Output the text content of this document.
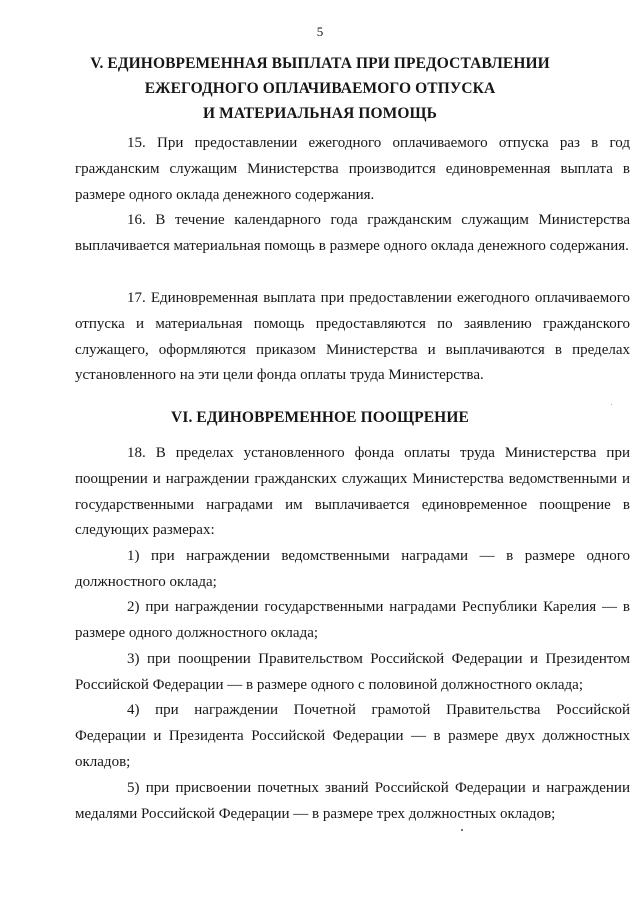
5
V. ЕДИНОВРЕМЕННАЯ ВЫПЛАТА ПРИ ПРЕДОСТАВЛЕНИИ
ЕЖЕГОДНОГО ОПЛАЧИВАЕМОГО ОТПУСКА
И МАТЕРИАЛЬНАЯ ПОМОЩЬ

15. При предоставлении ежегодного оплачиваемого отпуска раз в год гражданским служащим Министерства производится единовременная выплата в размере одного оклада денежного содержания.

16. В течение календарного года гражданским служащим Министерства выплачивается материальная помощь в размере одного оклада денежного содержания.

17. Единовременная выплата при предоставлении ежегодного оплачиваемого отпуска и материальная помощь предоставляются по заявлению гражданского служащего, оформляются приказом Министерства и выплачиваются в пределах установленного на эти цели фонда оплаты труда Министерства.

VI. ЕДИНОВРЕМЕННОЕ ПООЩРЕНИЕ

18. В пределах установленного фонда оплаты труда Министерства при поощрении и награждении гражданских служащих Министерства ведомственными и государственными наградами им выплачивается единовременное поощрение в следующих размерах:

1) при награждении ведомственными наградами — в размере одного должностного оклада;

2) при награждении государственными наградами Республики Карелия — в размере одного должностного оклада;

3) при поощрении Правительством Российской Федерации и Президентом Российской Федерации — в размере одного с половиной должностного оклада;

4) при награждении Почетной грамотой Правительства Российской Федерации и Президента Российской Федерации — в размере двух должностных окладов;

5) при присвоении почетных званий Российской Федерации и награждении медалями Российской Федерации — в размере трех должностных окладов;
